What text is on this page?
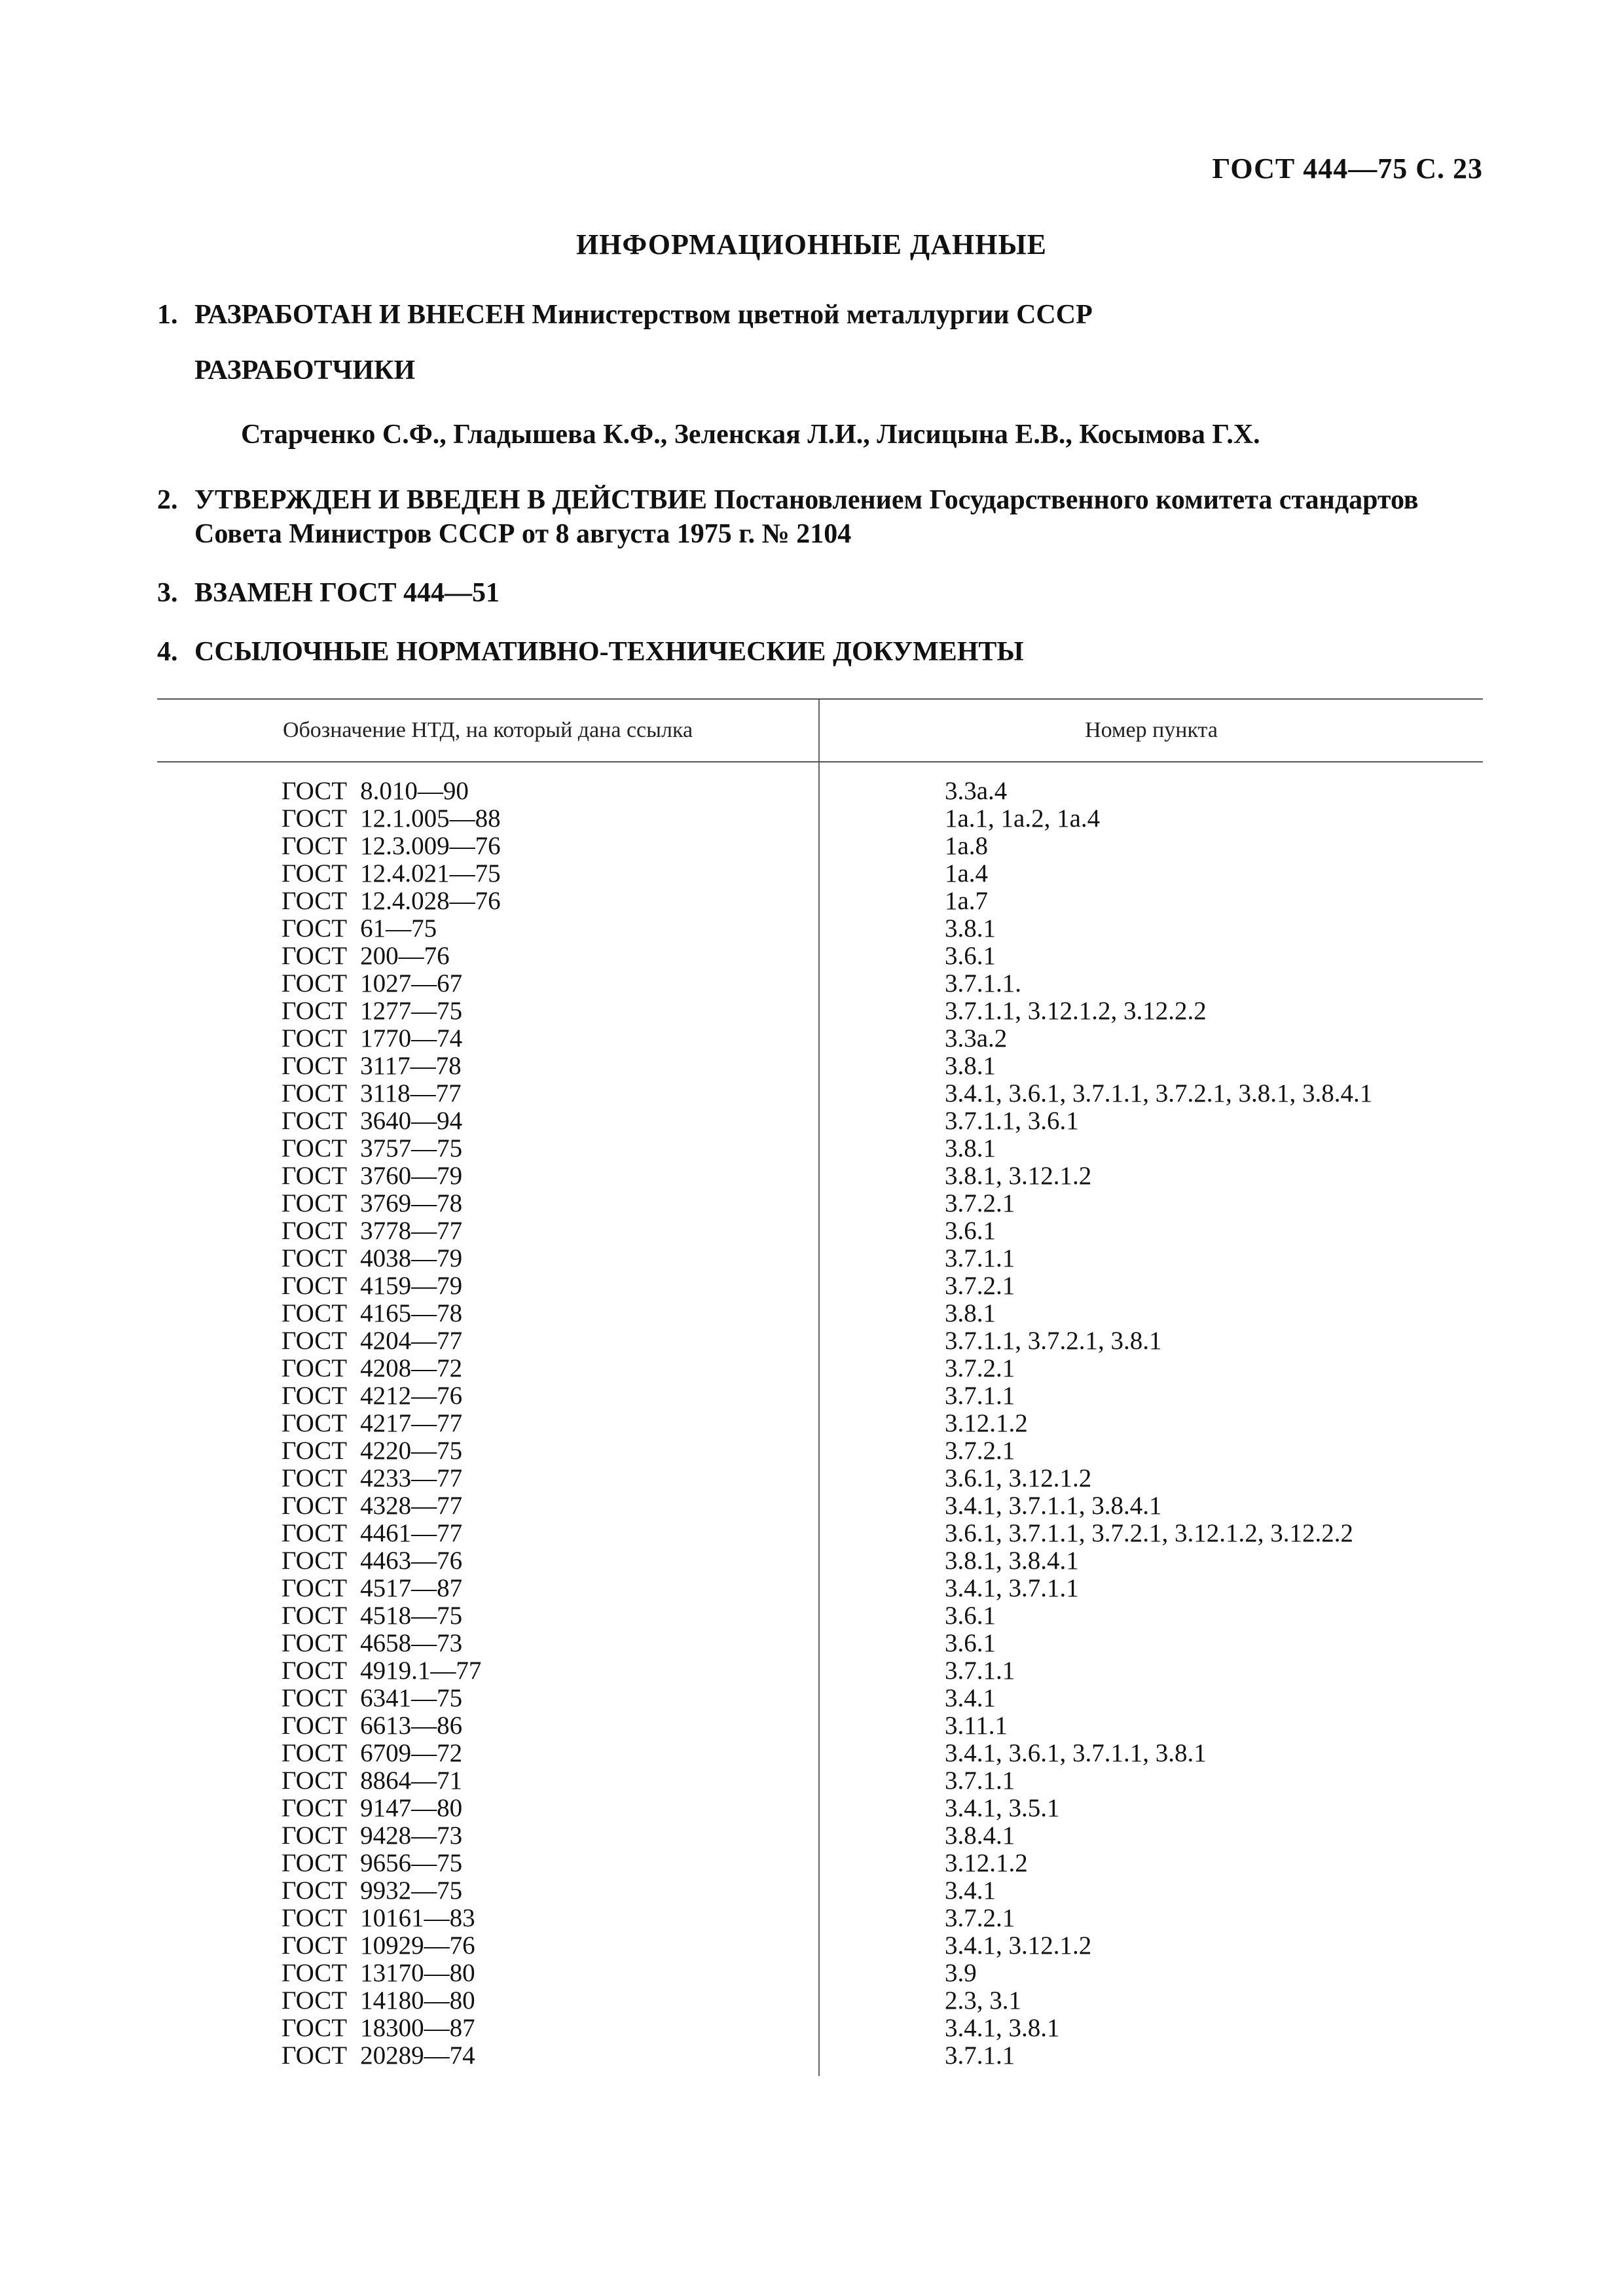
ГОСТ 444—75 С. 23
ИНФОРМАЦИОННЫЕ ДАННЫЕ
1. РАЗРАБОТАН И ВНЕСЕН Министерством цветной металлургии СССР
РАЗРАБОТЧИКИ
Старченко С.Ф., Гладышева К.Ф., Зеленская Л.И., Лисицына Е.В., Косымова Г.Х.
2. УТВЕРЖДЕН И ВВЕДЕН В ДЕЙСТВИЕ Постановлением Государственного комитета стандартов Совета Министров СССР от 8 августа 1975 г. № 2104
3. ВЗАМЕН ГОСТ 444—51
4. ССЫЛОЧНЫЕ НОРМАТИВНО-ТЕХНИЧЕСКИЕ ДОКУМЕНТЫ
Обозначение НТД, на который дана ссылка	Номер пункта
ГОСТ 8.010—90	3.3а.4
ГОСТ 12.1.005—88	1а.1, 1а.2, 1а.4
ГОСТ 12.3.009—76	1а.8
ГОСТ 12.4.021—75	1а.4
ГОСТ 12.4.028—76	1а.7
ГОСТ 61—75	3.8.1
ГОСТ 200—76	3.6.1
ГОСТ 1027—67	3.7.1.1.
ГОСТ 1277—75	3.7.1.1, 3.12.1.2, 3.12.2.2
ГОСТ 1770—74	3.3а.2
ГОСТ 3117—78	3.8.1
ГОСТ 3118—77	3.4.1, 3.6.1, 3.7.1.1, 3.7.2.1, 3.8.1, 3.8.4.1
ГОСТ 3640—94	3.7.1.1, 3.6.1
ГОСТ 3757—75	3.8.1
ГОСТ 3760—79	3.8.1, 3.12.1.2
ГОСТ 3769—78	3.7.2.1
ГОСТ 3778—77	3.6.1
ГОСТ 4038—79	3.7.1.1
ГОСТ 4159—79	3.7.2.1
ГОСТ 4165—78	3.8.1
ГОСТ 4204—77	3.7.1.1, 3.7.2.1, 3.8.1
ГОСТ 4208—72	3.7.2.1
ГОСТ 4212—76	3.7.1.1
ГОСТ 4217—77	3.12.1.2
ГОСТ 4220—75	3.7.2.1
ГОСТ 4233—77	3.6.1, 3.12.1.2
ГОСТ 4328—77	3.4.1, 3.7.1.1, 3.8.4.1
ГОСТ 4461—77	3.6.1, 3.7.1.1, 3.7.2.1, 3.12.1.2, 3.12.2.2
ГОСТ 4463—76	3.8.1, 3.8.4.1
ГОСТ 4517—87	3.4.1, 3.7.1.1
ГОСТ 4518—75	3.6.1
ГОСТ 4658—73	3.6.1
ГОСТ 4919.1—77	3.7.1.1
ГОСТ 6341—75	3.4.1
ГОСТ 6613—86	3.11.1
ГОСТ 6709—72	3.4.1, 3.6.1, 3.7.1.1, 3.8.1
ГОСТ 8864—71	3.7.1.1
ГОСТ 9147—80	3.4.1, 3.5.1
ГОСТ 9428—73	3.8.4.1
ГОСТ 9656—75	3.12.1.2
ГОСТ 9932—75	3.4.1
ГОСТ 10161—83	3.7.2.1
ГОСТ 10929—76	3.4.1, 3.12.1.2
ГОСТ 13170—80	3.9
ГОСТ 14180—80	2.3, 3.1
ГОСТ 18300—87	3.4.1, 3.8.1
ГОСТ 20289—74	3.7.1.1
